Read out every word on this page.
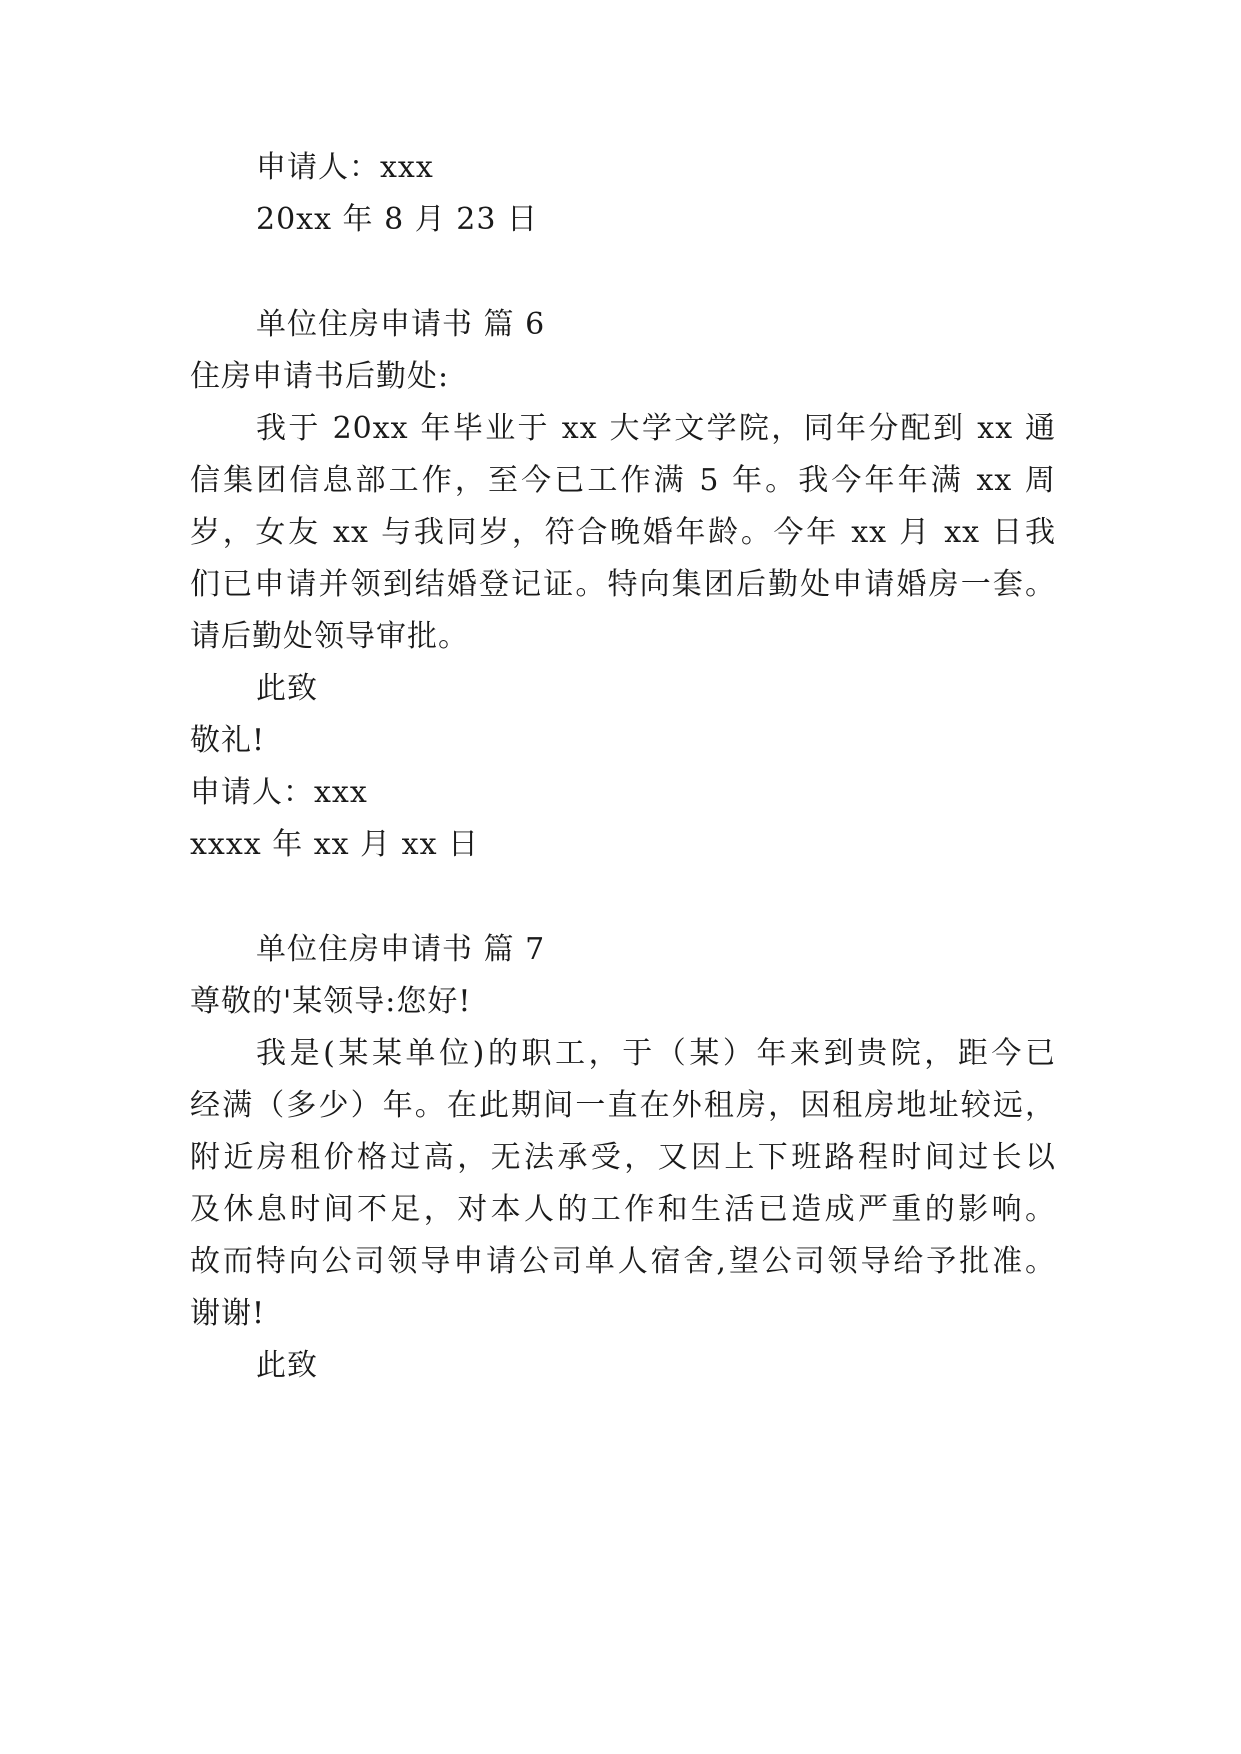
申请人：xxx
20xx 年 8 月 23 日
单位住房申请书 篇 6
住房申请书后勤处:
我于 20xx 年毕业于 xx 大学文学院，同年分配到 xx 通
信集团信息部工作，至今已工作满 5 年。我今年年满 xx 周
岁，女友 xx 与我同岁，符合晚婚年龄。今年 xx 月 xx 日我
们已申请并领到结婚登记证。特向集团后勤处申请婚房一套。
请后勤处领导审批。
此致
敬礼!
申请人：xxx
xxxx 年 xx 月 xx 日
单位住房申请书 篇 7
尊敬的'某领导:您好!
我是(某某单位)的职工，于（某）年来到贵院，距今已
经满（多少）年。在此期间一直在外租房，因租房地址较远，
附近房租价格过高，无法承受，又因上下班路程时间过长以
及休息时间不足，对本人的工作和生活已造成严重的影响。
故而特向公司领导申请公司单人宿舍,望公司领导给予批准。
谢谢!
此致
